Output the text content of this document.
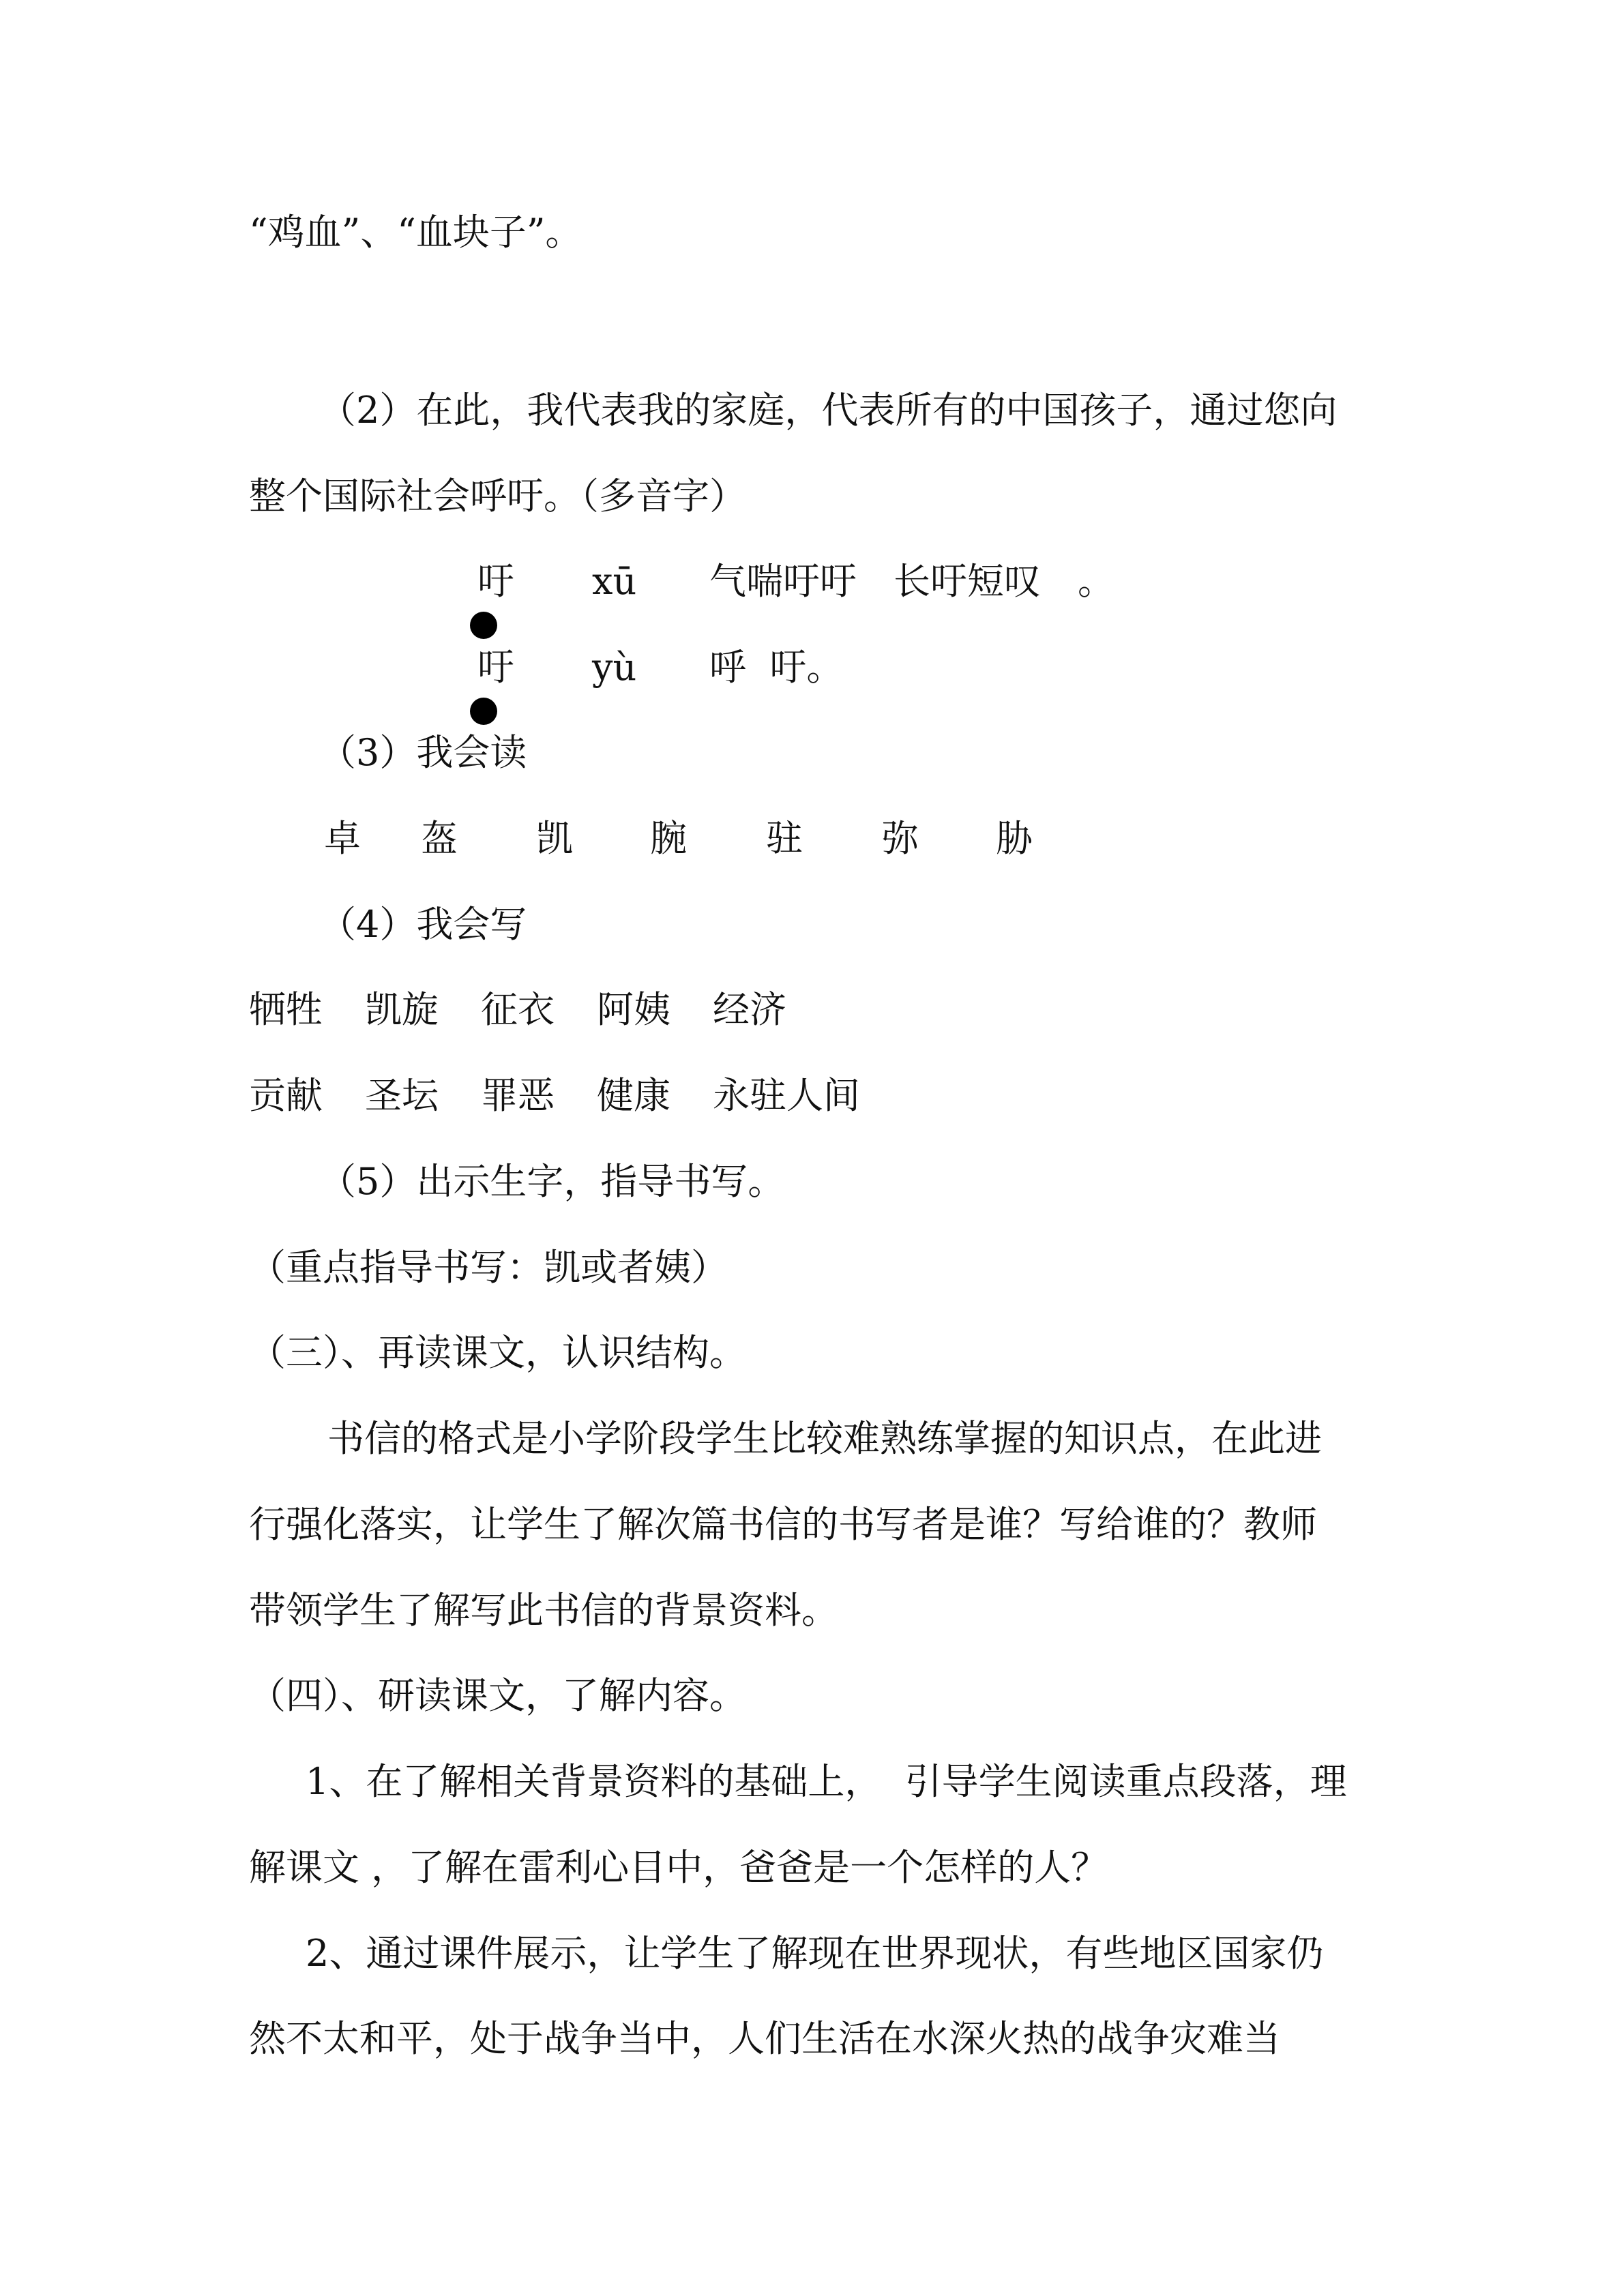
“鸡血”、“血块子”。
（2）在此，我代表我的家庭，代表所有的中国孩子，通过您向
整个国际社会呼吁。（多音字）

吁 xū 气喘吁吁　长吁短叹　。

吁 yù 呼  吁。
（3）我会读
卓 盔 凯 腕 驻 弥 胁
（4）我会写
牺牲 凯旋 征衣 阿姨 经济
贡献 圣坛 罪恶 健康 永驻人间
（5）出示生字，指导书写。
（重点指导书写：凯或者姨）
（三）、再读课文，认识结构。
书信的格式是小学阶段学生比较难熟练掌握的知识点，在此进
行强化落实，让学生了解次篇书信的书写者是谁？写给谁的？教师
带领学生了解写此书信的背景资料。
（四）、研读课文，了解内容。
1、在了解相关背景资料的基础上，  引导学生阅读重点段落，理
解课文 ，了解在雷利心目中，爸爸是一个怎样的人？
2、通过课件展示，让学生了解现在世界现状，有些地区国家仍
然不太和平，处于战争当中，人们生活在水深火热的战争灾难当
